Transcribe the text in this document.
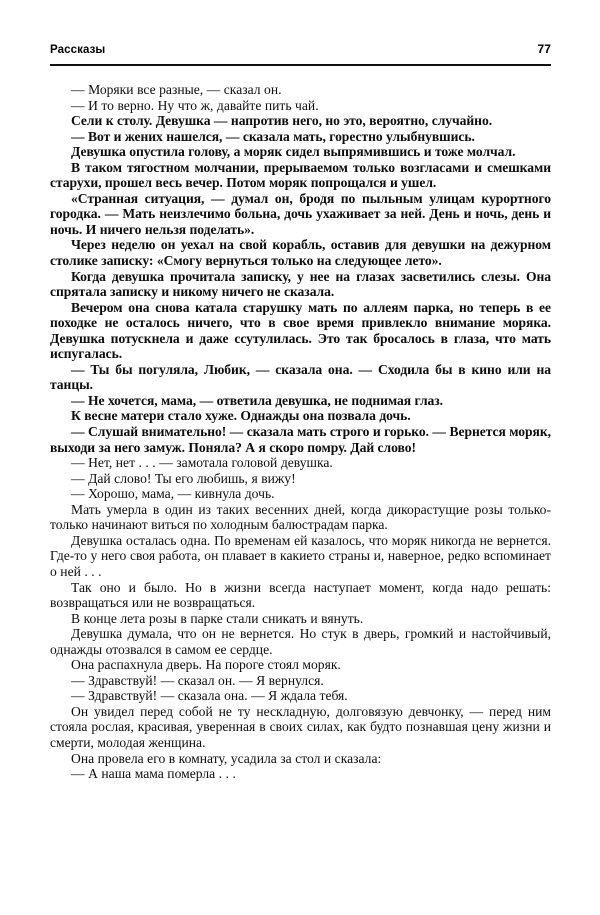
Рассказы	77

— Моряки все разные, — сказал он.

— И то верно. Ну что ж, давайте пить чай.

Сели к столу. Девушка — напротив него, но это, вероятно, случайно.

— Вот и жених нашелся, — сказала мать, горестно улыбнувшись.

Девушка опустила голову, а моряк сидел выпрямившись и тоже молчал.

В таком тягостном молчании, прерываемом только возгласами и смешками старухи, прошел весь вечер. Потом моряк попрощался и ушел.

«Странная ситуация, — думал он, бродя по пыльным улицам курортного городка. — Мать неизлечимо больна, дочь ухаживает за ней. День и ночь, день и ночь. И ничего нельзя поделать».

Через неделю он уехал на свой корабль, оставив для девушки на дежурном столике записку: «Смогу вернуться только на следующее лето».

Когда девушка прочитала записку, у нее на глазах засветились слезы. Она спрятала записку и никому ничего не сказала.

Вечером она снова катала старушку мать по аллеям парка, но теперь в ее походке не осталось ничего, что в свое время привлекло внимание моряка. Девушка потускнела и даже ссутулилась. Это так бросалось в глаза, что мать испугалась.

— Ты бы погуляла, Любик, — сказала она. — Сходила бы в кино или на танцы.

— Не хочется, мама, — ответила девушка, не поднимая глаз.

К весне матери стало хуже. Однажды она позвала дочь.

— Слушай внимательно! — сказала мать строго и горько. — Вернется моряк, выходи за него замуж. Поняла? А я скоро помру. Дай слово!

— Нет, нет . . . — замотала головой девушка.

— Дай слово! Ты его любишь, я вижу!

— Хорошо, мама, — кивнула дочь.

Мать умерла в один из таких весенних дней, когда дикорастущие розы только-только начинают виться по холодным балюстрадам парка.

Девушка осталась одна. По временам ей казалось, что моряк никогда не вернется. Где-то у него своя работа, он плавает в какието страны и, наверное, редко вспоминает о ней . . .

Так оно и было. Но в жизни всегда наступает момент, когда надо решать: возвращаться или не возвращаться.

В конце лета розы в парке стали сникать и вянуть.

Девушка думала, что он не вернется. Но стук в дверь, громкий и настойчивый, однажды отозвался в самом ее сердце.

Она распахнула дверь. На пороге стоял моряк.

— Здравствуй! — сказал он. — Я вернулся.

— Здравствуй! — сказала она. — Я ждала тебя.

Он увидел перед собой не ту нескладную, долговязую девчонку, — перед ним стояла рослая, красивая, уверенная в своих силах, как будто познавшая цену жизни и смерти, молодая женщина.

Она провела его в комнату, усадила за стол и сказала:

— А наша мама померла . . .
